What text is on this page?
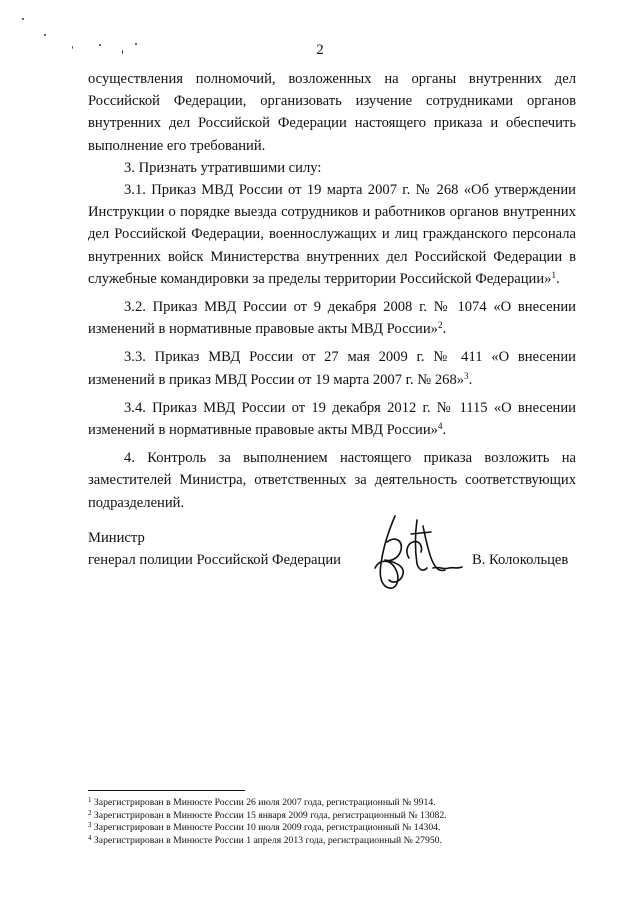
2

осуществления полномочий, возложенных на органы внутренних дел Российской Федерации, организовать изучение сотрудниками органов внутренних дел Российской Федерации настоящего приказа и обеспечить выполнение его требований.

3. Признать утратившими силу:

3.1. Приказ МВД России от 19 марта 2007 г. № 268 «Об утверждении Инструкции о порядке выезда сотрудников и работников органов внутренних дел Российской Федерации, военнослужащих и лиц гражданского персонала внутренних войск Министерства внутренних дел Российской Федерации в служебные командировки за пределы территории Российской Федерации»$^1$.

3.2. Приказ МВД России от 9 декабря 2008 г. № 1074 «О внесении изменений в нормативные правовые акты МВД России»$^2$.

3.3. Приказ МВД России от 27 мая 2009 г. № 411 «О внесении изменений в приказ МВД России от 19 марта 2007 г. № 268»$^3$.

3.4. Приказ МВД России от 19 декабря 2012 г. № 1115 «О внесении изменений в нормативные правовые акты МВД России»$^4$.

4. Контроль за выполнением настоящего приказа возложить на заместителей Министра, ответственных за деятельность соответствующих подразделений.

Министр
генерал полиции Российской Федерации	В. Колокольцев
$^1$ Зарегистрирован в Минюсте России 26 июля 2007 года, регистрационный № 9914.
$^2$ Зарегистрирован в Минюсте России 15 января 2009 года, регистрационный № 13082.
$^3$ Зарегистрирован в Минюсте России 10 июля 2009 года, регистрационный № 14304.
$^4$ Зарегистрирован в Минюсте России 1 апреля 2013 года, регистрационный № 27950.
